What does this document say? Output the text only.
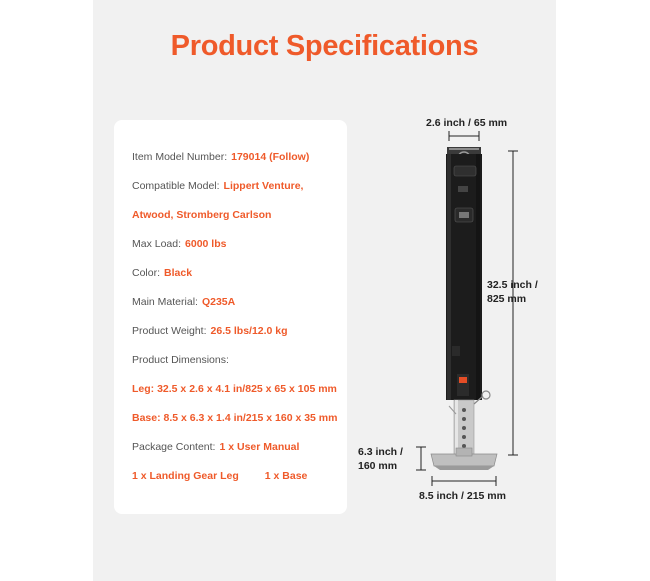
Product Specifications
Item Model Number: 179014 (Follow)
Compatible Model: Lippert Venture,
Atwood, Stromberg Carlson
Max Load: 6000 lbs
Color: Black
Main Material: Q235A
Product Weight: 26.5 lbs/12.0 kg
Product Dimensions:
Leg: 32.5 x 2.6 x 4.1 in/825 x 65 x 105 mm
Base: 8.5 x 6.3 x 1.4 in/215 x 160 x 35 mm
Package Content: 1 x User Manual
1 x Landing Gear Leg 1 x Base
2.6 inch / 65 mm
32.5 inch /
825 mm
6.3 inch /
160 mm
8.5 inch / 215 mm
